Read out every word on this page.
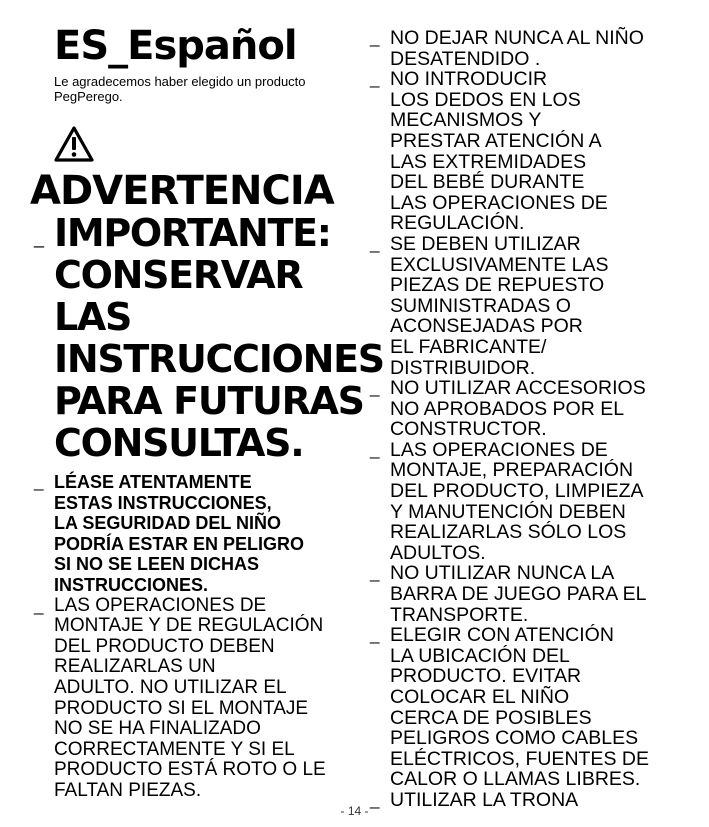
ES_Español
Le agradecemos haber elegido un producto
PegPerego.
ADVERTENCIA
_ IMPORTANTE:
CONSERVAR
LAS
INSTRUCCIONES
PARA FUTURAS
CONSULTAS.
_ LÉASE ATENTAMENTE
ESTAS INSTRUCCIONES,
LA SEGURIDAD DEL NIÑO
PODRÍA ESTAR EN PELIGRO
SI NO SE LEEN DICHAS
INSTRUCCIONES.
_ LAS OPERACIONES DE
MONTAJE Y DE REGULACIÓN
DEL PRODUCTO DEBEN
REALIZARLAS UN
ADULTO. NO UTILIZAR EL
PRODUCTO SI EL MONTAJE
NO SE HA FINALIZADO
CORRECTAMENTE Y SI EL
PRODUCTO ESTÁ ROTO O LE
FALTAN PIEZAS.
_ NO DEJAR NUNCA AL NIÑO
DESATENDIDO .
_ NO INTRODUCIR
LOS DEDOS EN LOS
MECANISMOS Y
PRESTAR ATENCIÓN A
LAS EXTREMIDADES
DEL BEBÉ DURANTE
LAS OPERACIONES DE
REGULACIÓN.
_ SE DEBEN UTILIZAR
EXCLUSIVAMENTE LAS
PIEZAS DE REPUESTO
SUMINISTRADAS O
ACONSEJADAS POR
EL FABRICANTE/
DISTRIBUIDOR.
_ NO UTILIZAR ACCESORIOS
NO APROBADOS POR EL
CONSTRUCTOR.
_ LAS OPERACIONES DE
MONTAJE, PREPARACIÓN
DEL PRODUCTO, LIMPIEZA
Y MANUTENCIÓN DEBEN
REALIZARLAS SÓLO LOS
ADULTOS.
_ NO UTILIZAR NUNCA LA
BARRA DE JUEGO PARA EL
TRANSPORTE.
_ ELEGIR CON ATENCIÓN
LA UBICACIÓN DEL
PRODUCTO. EVITAR
COLOCAR EL NIÑO
CERCA DE POSIBLES
PELIGROS COMO CABLES
ELÉCTRICOS, FUENTES DE
CALOR O LLAMAS LIBRES.
_ UTILIZAR LA TRONA
- 14 -
